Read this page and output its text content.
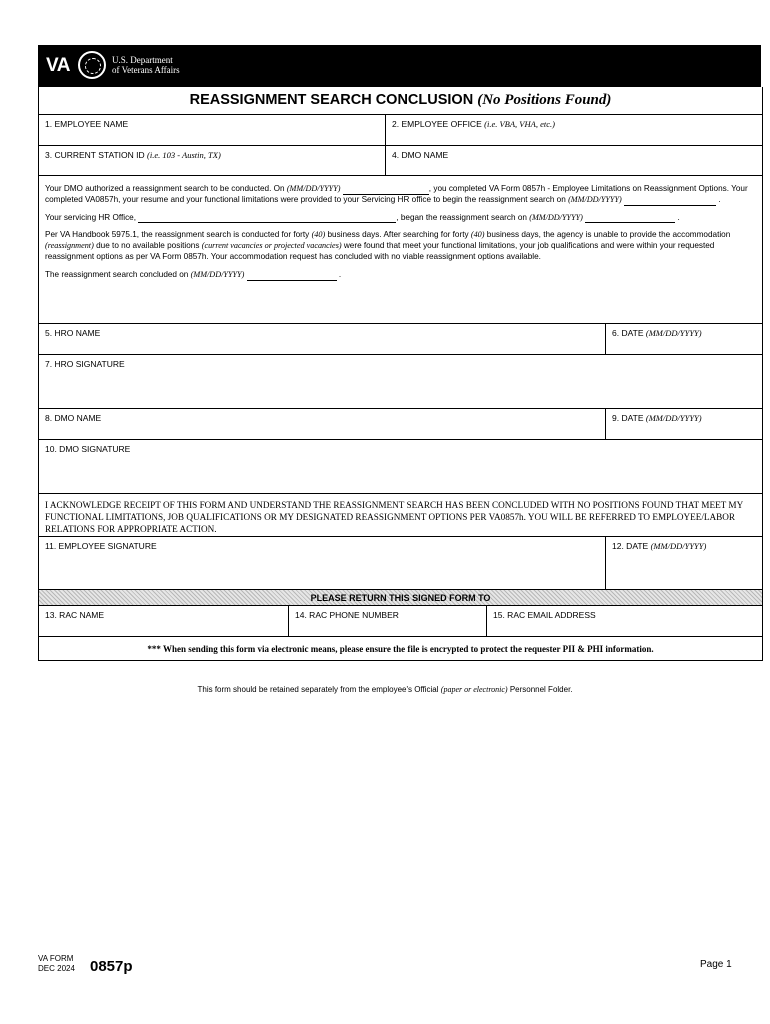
VA	U.S. Department
of Veterans Affairs
REASSIGNMENT SEARCH CONCLUSION (No Positions Found)
1. EMPLOYEE NAME	2. EMPLOYEE OFFICE (i.e. VBA, VHA, etc.)
3. CURRENT STATION ID (i.e. 103 - Austin, TX)	4. DMO NAME

Your DMO authorized a reassignment search to be conducted. On (MM/DD/YYYY)	, you completed VA Form 0857h - Employee Limitations on Reassignment Options. Your completed VA0857h, your resume and your functional limitations were provided to your Servicing HR office to begin the reassignment search on (MM/DD/YYYY)	.

Your servicing HR Office,	, began the reassignment search on (MM/DD/YYYY)	.

Per VA Handbook 5975.1, the reassignment search is conducted for forty (40) business days. After searching for forty (40) business days, the agency is unable to provide the accommodation (reassignment) due to no available positions (current vacancies or projected vacancies) were found that meet your functional limitations, your job qualifications and were within your requested reassignment options as per VA Form 0857h. Your accommodation request has concluded with no viable reassignment options available.

The reassignment search concluded on (MM/DD/YYYY)	.

5. HRO NAME	6. DATE (MM/DD/YYYY)
7. HRO SIGNATURE
8. DMO NAME	9. DATE (MM/DD/YYYY)
10. DMO SIGNATURE
I ACKNOWLEDGE RECEIPT OF THIS FORM AND UNDERSTAND THE REASSIGNMENT SEARCH HAS BEEN CONCLUDED WITH NO POSITIONS FOUND THAT MEET MY FUNCTIONAL LIMITATIONS, JOB QUALIFICATIONS OR MY DESIGNATED REASSIGNMENT OPTIONS PER VA0857h. YOU WILL BE REFERRED TO EMPLOYEE/LABOR RELATIONS FOR APPROPRIATE ACTION.
11. EMPLOYEE SIGNATURE	12. DATE (MM/DD/YYYY)
PLEASE RETURN THIS SIGNED FORM TO
13. RAC NAME	14. RAC PHONE NUMBER	15. RAC EMAIL ADDRESS
*** When sending this form via electronic means, please ensure the file is encrypted to protect the requester PII & PHI information.
This form should be retained separately from the employee's Official (paper or electronic) Personnel Folder.
VA FORM
DEC 2024 0857p	Page 1
